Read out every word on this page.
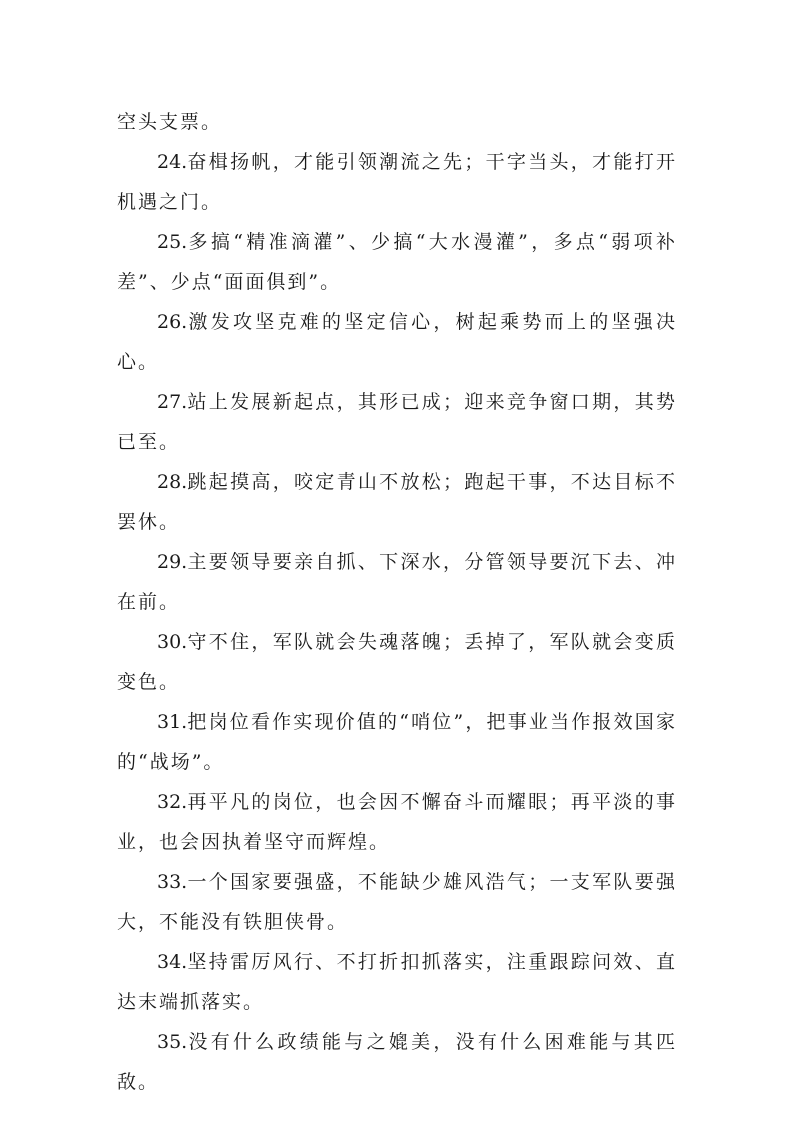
空头支票。

24.奋楫扬帆，才能引领潮流之先；干字当头，才能打开机遇之门。

25.多搞“精准滴灌”、少搞“大水漫灌”，多点“弱项补差”、少点“面面俱到”。

26.激发攻坚克难的坚定信心，树起乘势而上的坚强决心。

27.站上发展新起点，其形已成；迎来竞争窗口期，其势已至。

28.跳起摸高，咬定青山不放松；跑起干事，不达目标不罢休。

29.主要领导要亲自抓、下深水，分管领导要沉下去、冲在前。

30.守不住，军队就会失魂落魄；丢掉了，军队就会变质变色。

31.把岗位看作实现价值的“哨位”，把事业当作报效国家的“战场”。

32.再平凡的岗位，也会因不懈奋斗而耀眼；再平淡的事业，也会因执着坚守而辉煌。

33.一个国家要强盛，不能缺少雄风浩气；一支军队要强大，不能没有铁胆侠骨。

34.坚持雷厉风行、不打折扣抓落实，注重跟踪问效、直达末端抓落实。

35.没有什么政绩能与之媲美，没有什么困难能与其匹敌。
